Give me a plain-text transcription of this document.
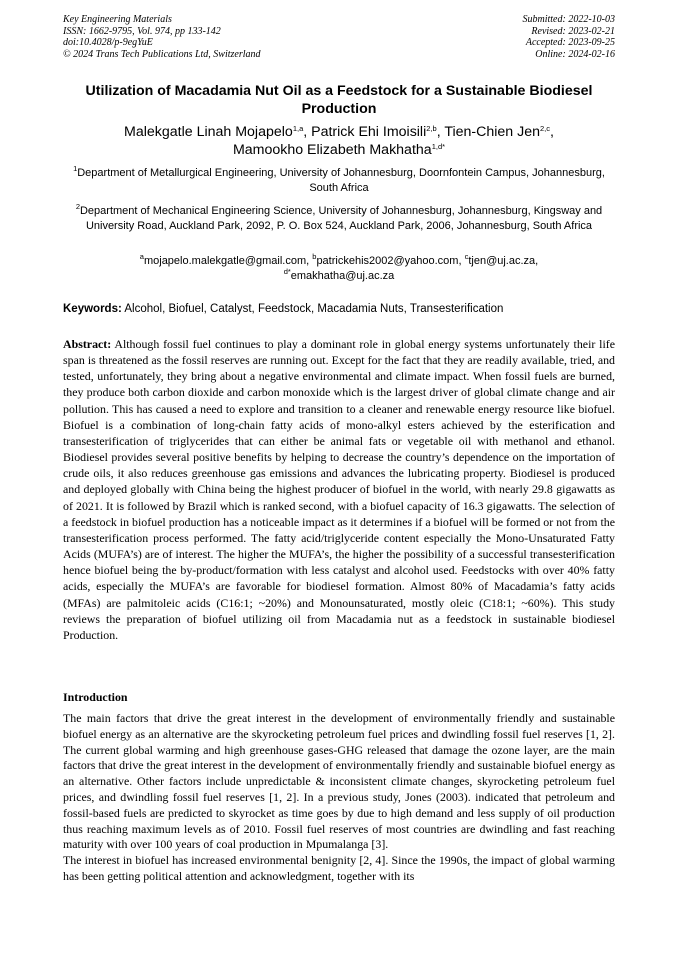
Key Engineering Materials
ISSN: 1662-9795, Vol. 974, pp 133-142
doi:10.4028/p-9egYuE
© 2024 Trans Tech Publications Ltd, Switzerland
Submitted: 2022-10-03
Revised: 2023-02-21
Accepted: 2023-09-25
Online: 2024-02-16
Utilization of Macadamia Nut Oil as a Feedstock for a Sustainable Biodiesel Production
Malekgatle Linah Mojapelo$^{1,a}$, Patrick Ehi Imoisili$^{2,b}$, Tien-Chien Jen$^{2,c}$,
Mamookho Elizabeth Makhatha$^{1,d*}$
$^1$Department of Metallurgical Engineering, University of Johannesburg, Doornfontein Campus, Johannesburg, South Africa
$^2$Department of Mechanical Engineering Science, University of Johannesburg, Johannesburg, Kingsway and University Road, Auckland Park, 2092, P. O. Box 524, Auckland Park, 2006, Johannesburg, South Africa
$^a$mojapelo.malekgatle@gmail.com, $^b$patrickehis2002@yahoo.com, $^c$tjen@uj.ac.za,
$^{d*}$emakhatha@uj.ac.za
Keywords: Alcohol, Biofuel, Catalyst, Feedstock, Macadamia Nuts, Transesterification

Abstract: Although fossil fuel continues to play a dominant role in global energy systems unfortunately their life span is threatened as the fossil reserves are running out. Except for the fact that they are readily available, tried, and tested, unfortunately, they bring about a negative environmental and climate impact. When fossil fuels are burned, they produce both carbon dioxide and carbon monoxide which is the largest driver of global climate change and air pollution. This has caused a need to explore and transition to a cleaner and renewable energy resource like biofuel. Biofuel is a combination of long-chain fatty acids of mono-alkyl esters achieved by the esterification and transesterification of triglycerides that can either be animal fats or vegetable oil with methanol and ethanol. Biodiesel provides several positive benefits by helping to decrease the country’s dependence on the importation of crude oils, it also reduces greenhouse gas emissions and advances the lubricating property. Biodiesel is produced and deployed globally with China being the highest producer of biofuel in the world, with nearly 29.8 gigawatts as of 2021. It is followed by Brazil which is ranked second, with a biofuel capacity of 16.3 gigawatts. The selection of a feedstock in biofuel production has a noticeable impact as it determines if a biofuel will be formed or not from the transesterification process performed. The fatty acid/triglyceride content especially the Mono-Unsaturated Fatty Acids (MUFA’s) are of interest. The higher the MUFA’s, the higher the possibility of a successful transesterification hence biofuel being the by-product/formation with less catalyst and alcohol used. Feedstocks with over 40% fatty acids, especially the MUFA’s are favorable for biodiesel formation. Almost 80% of Macadamia’s fatty acids (MFAs) are palmitoleic acids (C16:1; ~20%) and Monounsaturated, mostly oleic (C18:1; ~60%). This study reviews the preparation of biofuel utilizing oil from Macadamia nut as a feedstock in sustainable biodiesel Production.

Introduction

The main factors that drive the great interest in the development of environmentally friendly and sustainable biofuel energy as an alternative are the skyrocketing petroleum fuel prices and dwindling fossil fuel reserves [1, 2]. The current global warming and high greenhouse gases-GHG released that damage the ozone layer, are the main factors that drive the great interest in the development of environmentally friendly and sustainable biofuel energy as an alternative. Other factors include unpredictable & inconsistent climate changes, skyrocketing petroleum fuel prices, and dwindling fossil fuel reserves [1, 2]. In a previous study, Jones (2003). indicated that petroleum and fossil-based fuels are predicted to skyrocket as time goes by due to high demand and less supply of oil production thus reaching maximum levels as of 2010. Fossil fuel reserves of most countries are dwindling and fast reaching maturity with over 100 years of coal production in Mpumalanga [3].

The interest in biofuel has increased environmental benignity [2, 4]. Since the 1990s, the impact of global warming has been getting political attention and acknowledgment, together with its
